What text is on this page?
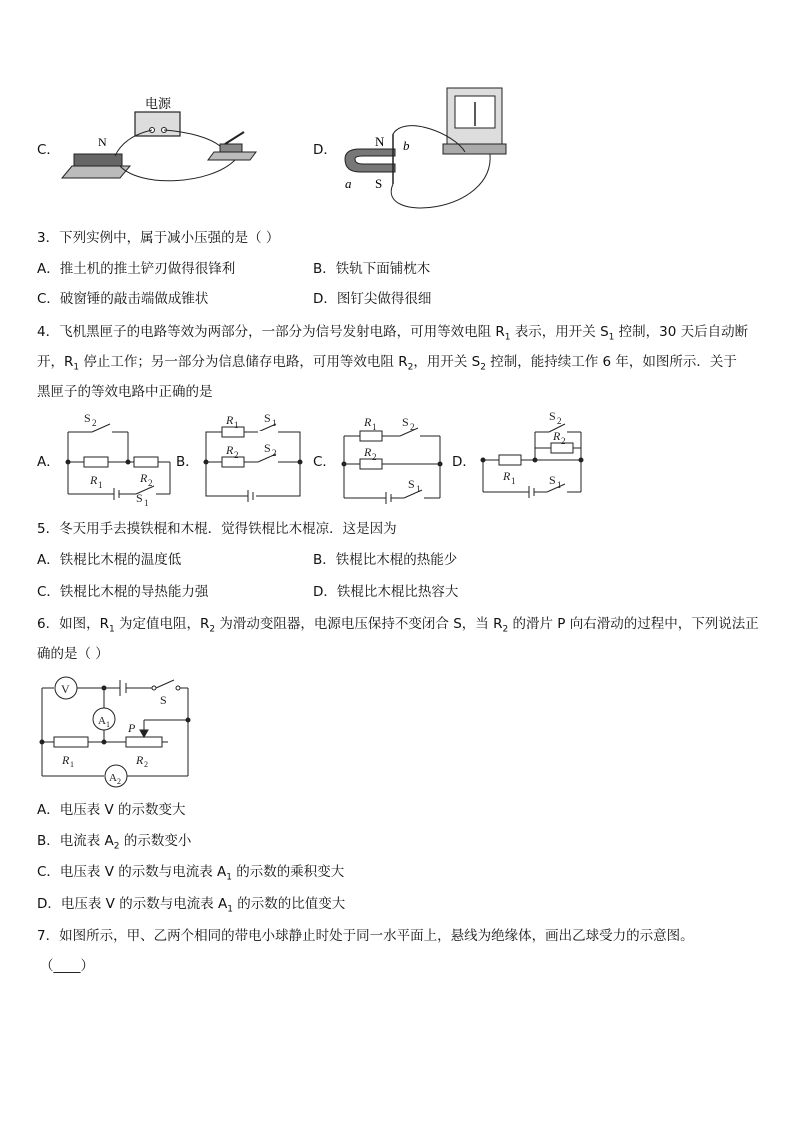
C．
电源
N	D．
N
S
b
a
3．下列实例中，属于减小压强的是（ ）
A．推土机的推土铲刃做得很锋利	B．铁轨下面铺枕木
C．破窗锤的敲击端做成锥状	D．图钉尖做得很细
4．飞机黑匣子的电路等效为两部分，一部分为信号发射电路，可用等效电阻 $R_1$ 表示，用开关 $S_1$ 控制，30 天后自动断
开，$R_1$ 停止工作；另一部分为信息储存电路，可用等效电阻 $R_2$，用开关 $S_2$ 控制，能持续工作 6 年，如图所示．关于
黑匣子的等效电路中正确的是
A．
S 2
R 1	R 2
S 1
B．
R 1 S 1
R 2 S 2
C．
R 1 S 2
R 2
S 1
D．
S 2
R 2
R 1	S 1
5．冬天用手去摸铁棍和木棍．觉得铁棍比木棍凉．这是因为
A．铁棍比木棍的温度低	B．铁棍比木棍的热能少
C．铁棍比木棍的导热能力强	D．铁棍比木棍比热容大
6．如图，$R_1$ 为定值电阻，$R_2$ 为滑动变阻器，电源电压保持不变闭合 S，当 $R_2$ 的滑片 P 向右滑动的过程中，下列说法正
确的是（ ）
V
S
A 1
R 1
P
R 2
A 2
A．电压表 V 的示数变大
B．电流表 $A_2$ 的示数变小
C．电压表 V 的示数与电流表 $A_1$ 的示数的乘积变大
D．电压表 V 的示数与电流表 $A_1$ 的示数的比值变大
7．如图所示，甲、乙两个相同的带电小球静止时处于同一水平面上，悬线为绝缘体，画出乙球受力的示意图。
（____）
